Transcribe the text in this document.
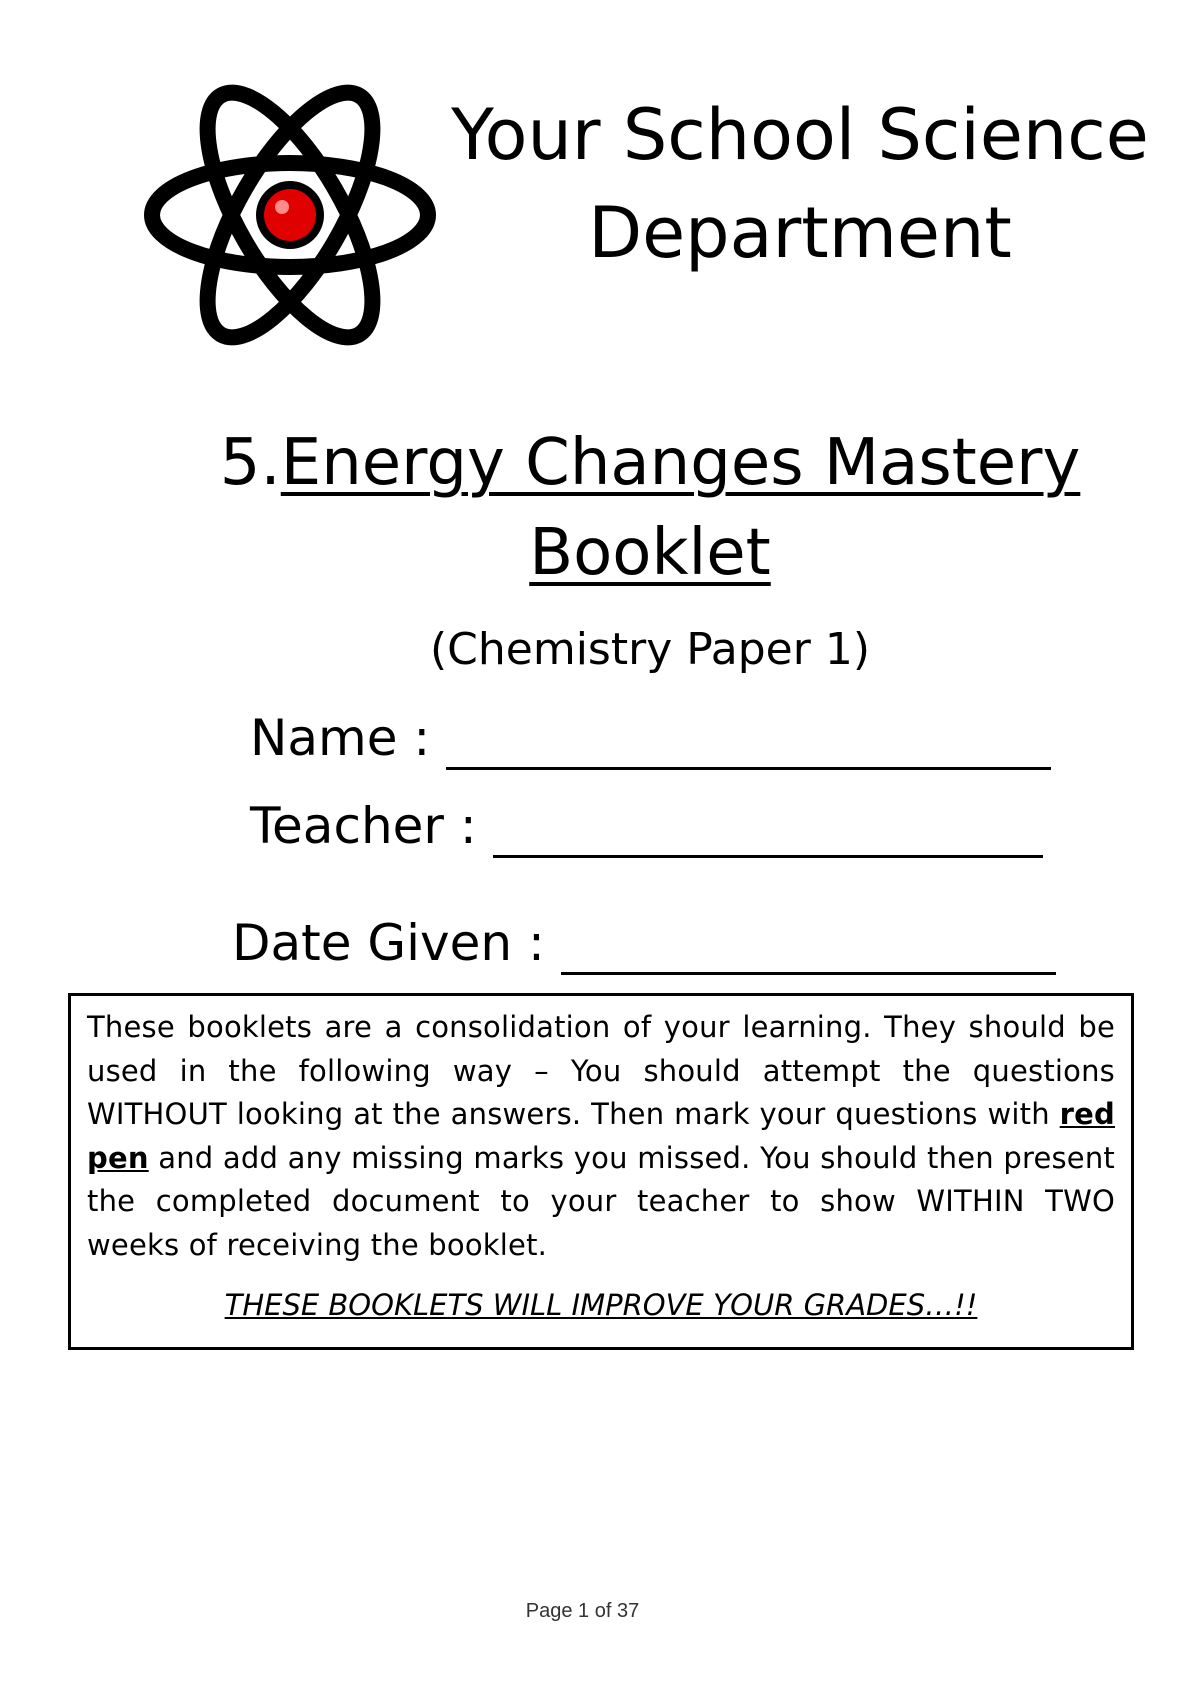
Your School Science
Department
5.Energy Changes Mastery
Booklet
(Chemistry Paper 1)
Name :
Teacher :
Date Given :

These booklets are a consolidation of your learning. They should be used in the following way – You should attempt the questions WITHOUT looking at the answers. Then mark your questions with red pen and add any missing marks you missed. You should then present the completed document to your teacher to show WITHIN TWO weeks of receiving the booklet.

THESE BOOKLETS WILL IMPROVE YOUR GRADES…!!

Page 1 of 37
